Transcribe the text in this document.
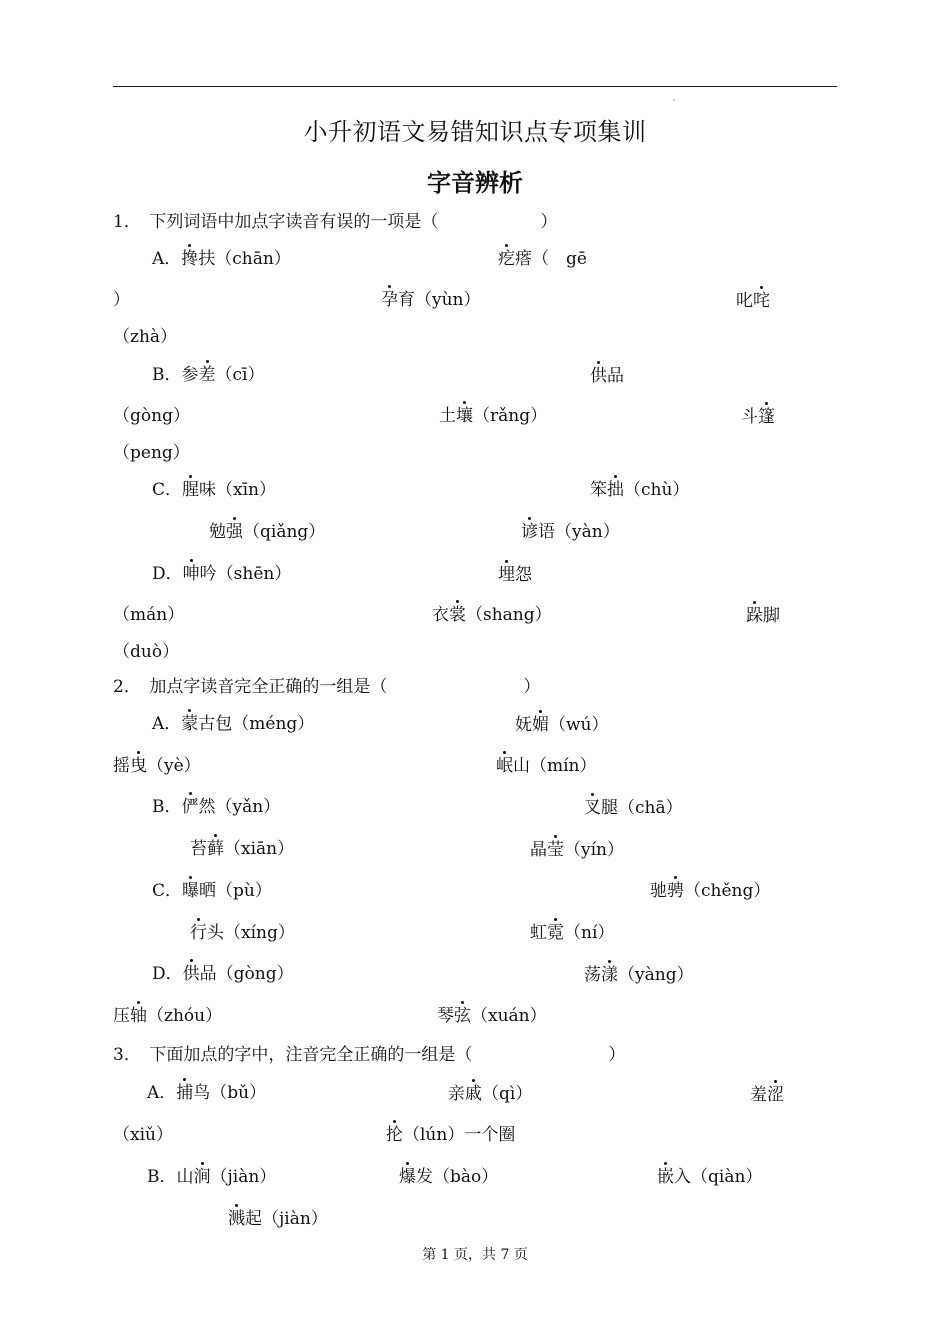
小升初语文易错知识点专项集训
字音辨析
1．　 下列词语中加点字读音有误的一项是（　　　　　　）
A．搀扶（chān）	疙瘩（　gē
）	孕育（yùn）	叱咤
（zhà）
B．参差（cī）	供品
（gòng）	土壤（rǎng）	斗篷
（peng）
C．腥味（xīn）	笨拙（chù）
勉强（qiǎng）	谚语（yàn）
D．呻吟（shēn）	埋怨
（mán）	衣裳（shang）	跺脚
（duò）
2．　 加点字读音完全正确的一组是（　　　　　　　　）
A．蒙古包（méng）	妩媚（wú）
摇曳（yè）	岷山（mín）
B．俨然（yǎn）	叉腿（chā）
苔藓（xiān）	晶莹（yín）
C．曝晒（pù）	驰骋（chěng）
行头（xíng）	虹霓（ní）
D．供品（gòng）	荡漾（yàng）
压轴（zhóu）	琴弦（xuán）
3．　 下面加点的字中，注音完全正确的一组是（　　　　　　　　）
A．捕鸟（bǔ）	亲戚（qì）	羞涩
（xiǔ）	抡（lún）一个圈
B．山涧（jiàn）	爆发（bào）	嵌入（qiàn）
溅起（jiàn）
第 1 页，共 7 页
